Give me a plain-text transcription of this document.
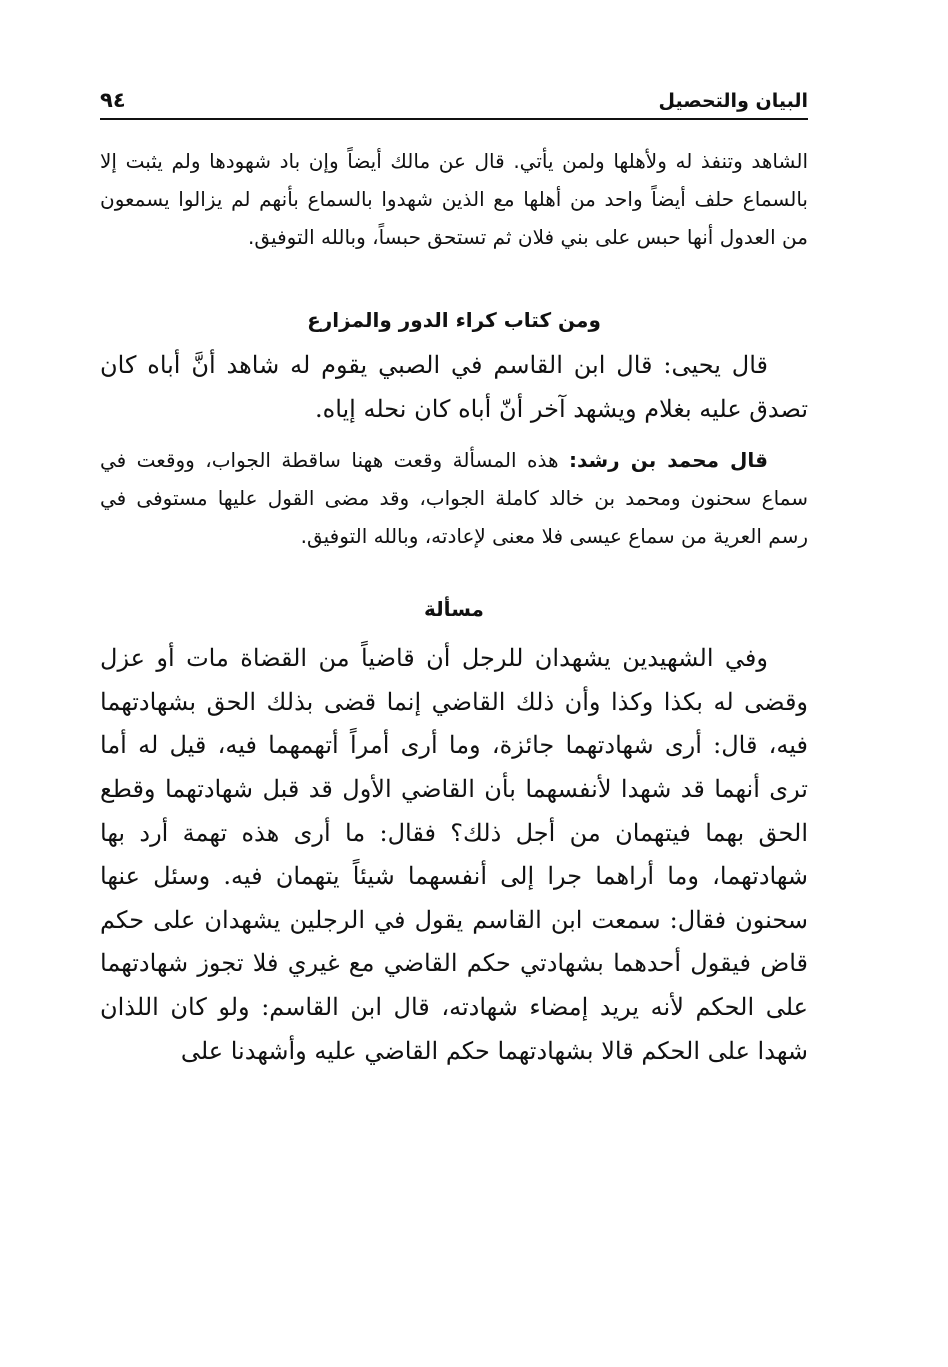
البيان والتحصيل
٩٤

الشاهد وتنفذ له ولأهلها ولمن يأتي. قال عن مالك أيضاً وإن باد شهودها ولم يثبت إلا بالسماع حلف أيضاً واحد من أهلها مع الذين شهدوا بالسماع بأنهم لم يزالوا يسمعون من العدول أنها حبس على بني فلان ثم تستحق حبساً، وبالله التوفيق.

ومن كتاب كراء الدور والمزارع

قال يحيى: قال ابن القاسم في الصبي يقوم له شاهد أنَّ أباه كان تصدق عليه بغلام ويشهد آخر أنّ أباه كان نحله إياه.

قال محمد بن رشد: هذه المسألة وقعت ههنا ساقطة الجواب، ووقعت في سماع سحنون ومحمد بن خالد كاملة الجواب، وقد مضى القول عليها مستوفى في رسم العرية من سماع عيسى فلا معنى لإعادته، وبالله التوفيق.

مسألة

وفي الشهيدين يشهدان للرجل أن قاضياً من القضاة مات أو عزل وقضى له بكذا وكذا وأن ذلك القاضي إنما قضى بذلك الحق بشهادتهما فيه، قال: أرى شهادتهما جائزة، وما أرى أمراً أتهمهما فيه، قيل له أما ترى أنهما قد شهدا لأنفسهما بأن القاضي الأول قد قبل شهادتهما وقطع الحق بهما فيتهمان من أجل ذلك؟ فقال: ما أرى هذه تهمة أرد بها شهادتهما، وما أراهما جرا إلى أنفسهما شيئاً يتهمان فيه. وسئل عنها سحنون فقال: سمعت ابن القاسم يقول في الرجلين يشهدان على حكم قاض فيقول أحدهما بشهادتي حكم القاضي مع غيري فلا تجوز شهادتهما على الحكم لأنه يريد إمضاء شهادته، قال ابن القاسم: ولو كان اللذان شهدا على الحكم قالا بشهادتهما حكم القاضي عليه وأشهدنا على
